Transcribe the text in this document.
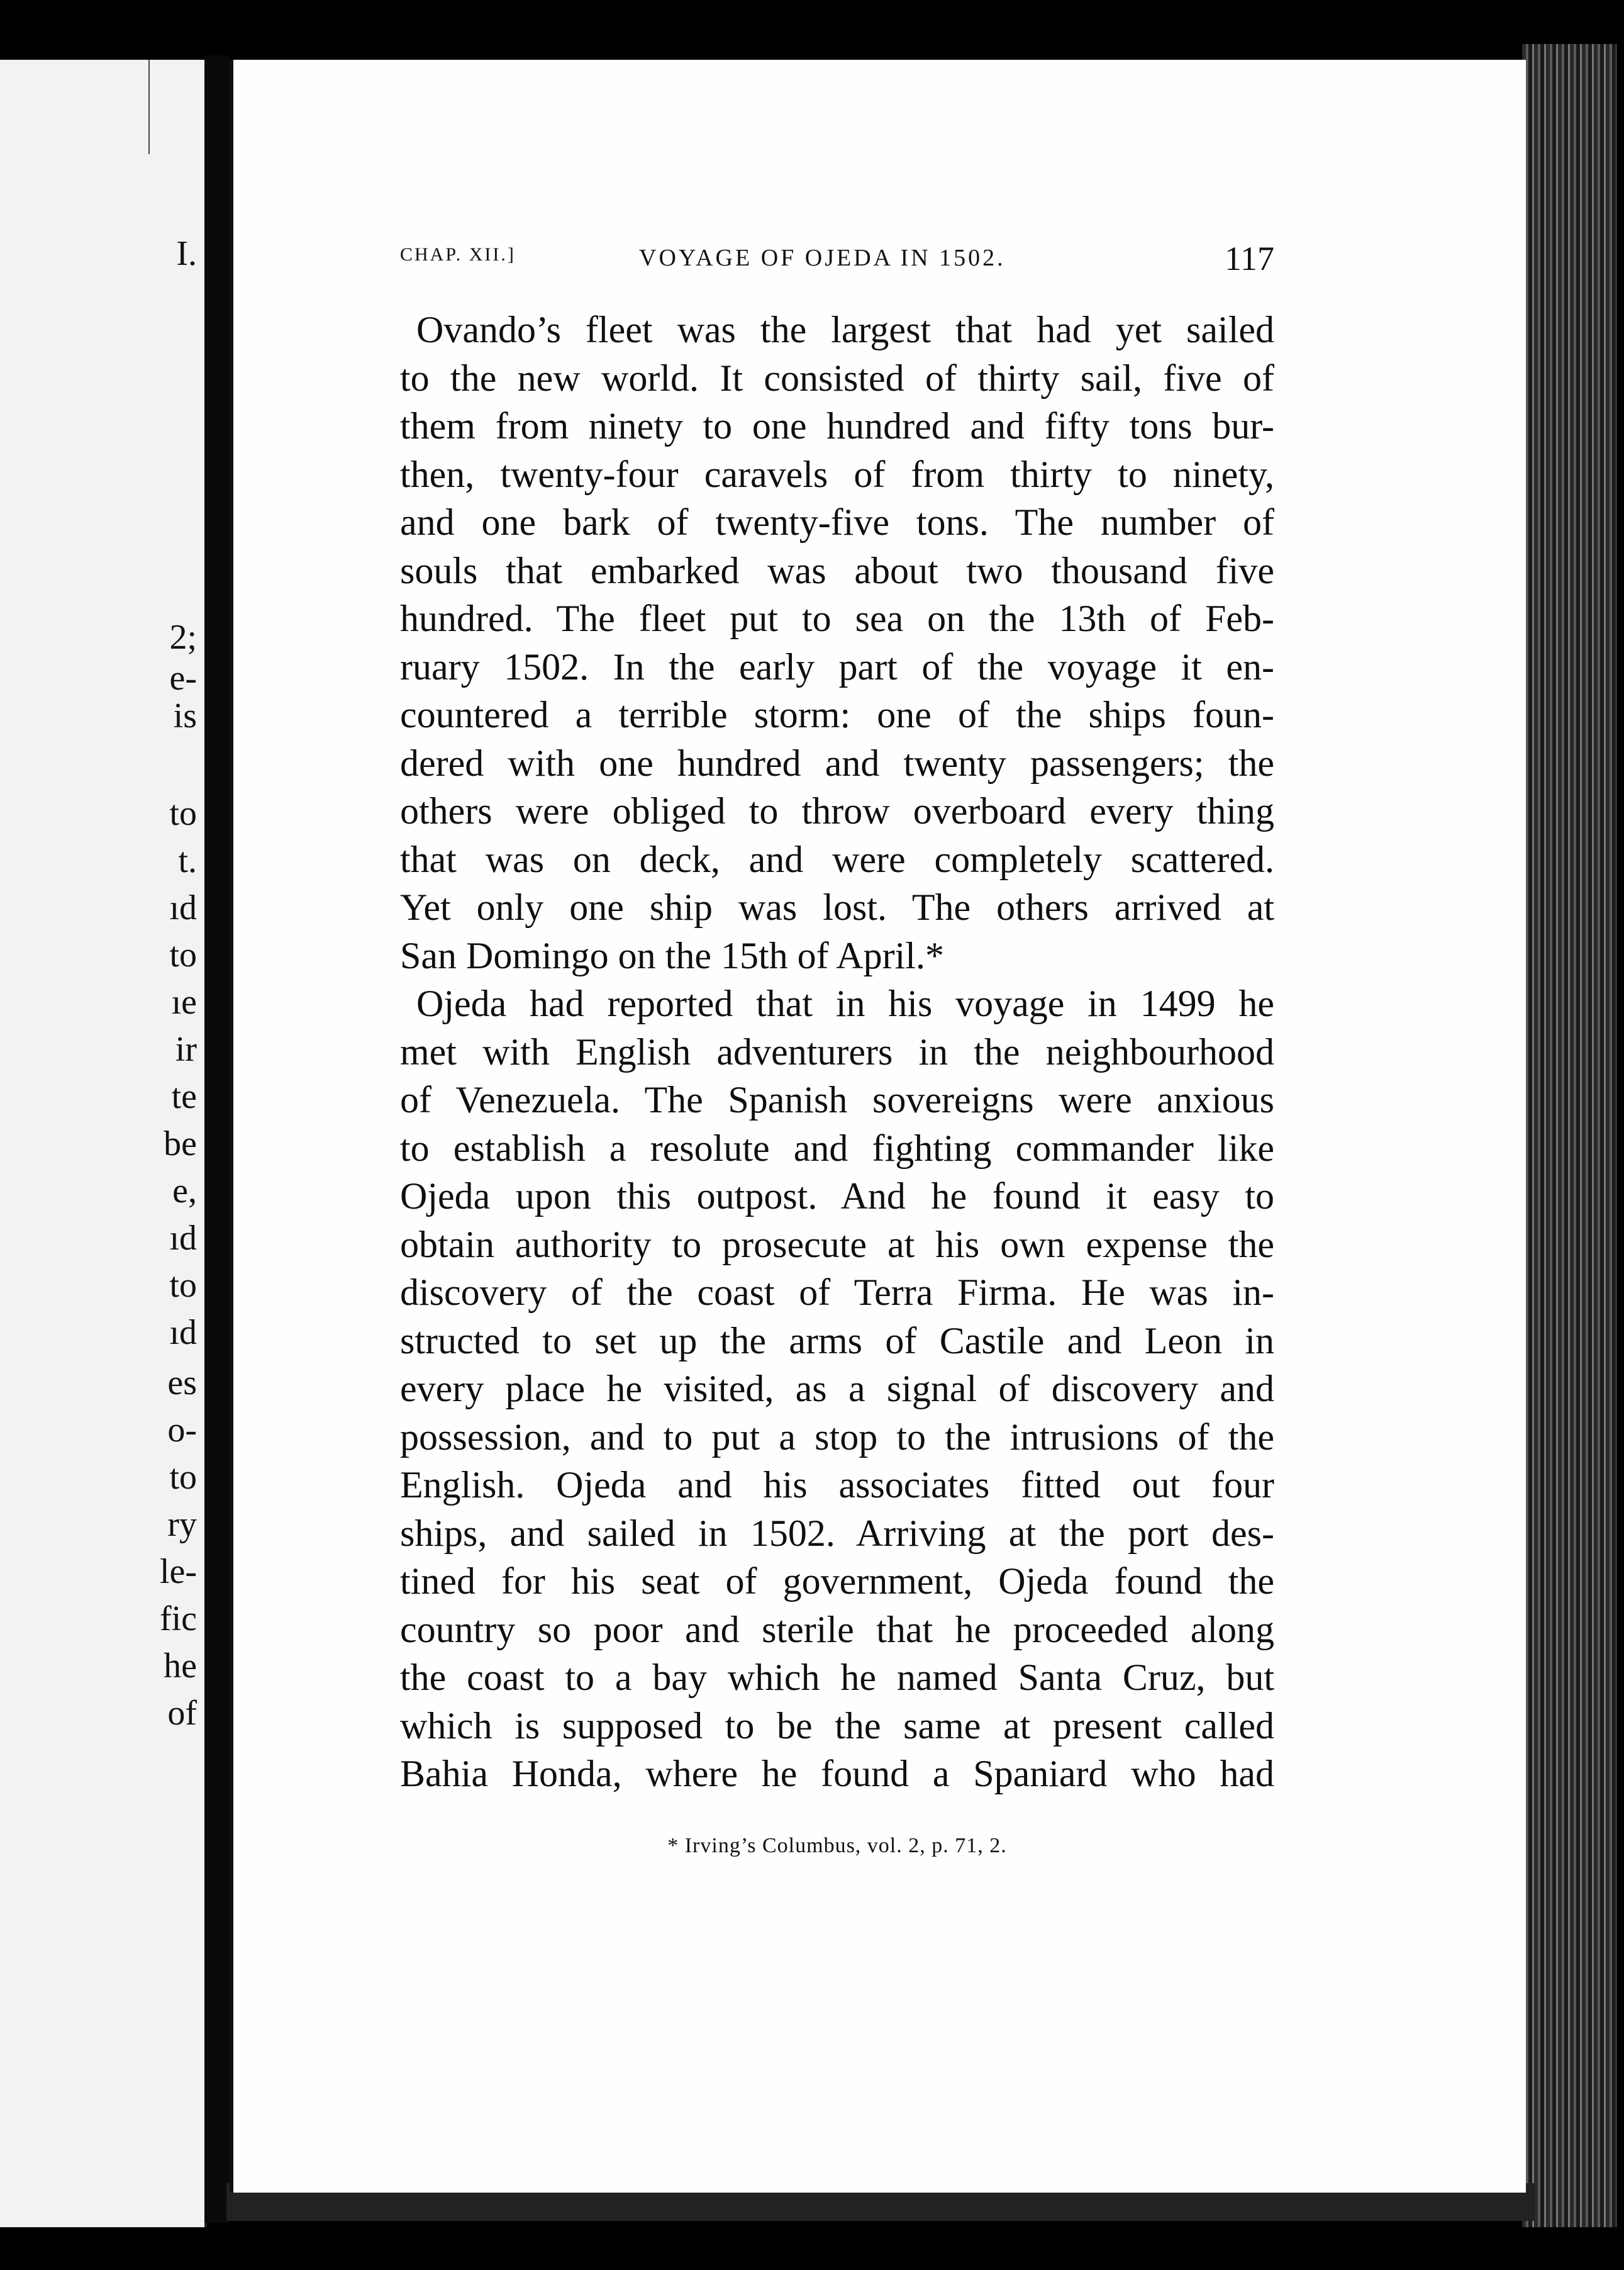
I.
2;
e-
is
to
t.
ıd
to
ıe
ir
te
be
e,
ıd
to
ıd
es
o-
to
ry
le-
fic
he
of
CHAP. XII.]	VOYAGE OF OJEDA IN 1502.	117
Ovando’s fleet was the largest that had yet sailed
to the new world. It consisted of thirty sail, five of
them from ninety to one hundred and fifty tons bur-
then, twenty-four caravels of from thirty to ninety,
and one bark of twenty-five tons. The number of
souls that embarked was about two thousand five
hundred. The fleet put to sea on the 13th of Feb-
ruary 1502. In the early part of the voyage it en-
countered a terrible storm: one of the ships foun-
dered with one hundred and twenty passengers; the
others were obliged to throw overboard every thing
that was on deck, and were completely scattered.
Yet only one ship was lost. The others arrived at
San Domingo on the 15th of April.*
Ojeda had reported that in his voyage in 1499 he
met with English adventurers in the neighbourhood
of Venezuela. The Spanish sovereigns were anxious
to establish a resolute and fighting commander like
Ojeda upon this outpost. And he found it easy to
obtain authority to prosecute at his own expense the
discovery of the coast of Terra Firma. He was in-
structed to set up the arms of Castile and Leon in
every place he visited, as a signal of discovery and
possession, and to put a stop to the intrusions of the
English. Ojeda and his associates fitted out four
ships, and sailed in 1502. Arriving at the port des-
tined for his seat of government, Ojeda found the
country so poor and sterile that he proceeded along
the coast to a bay which he named Santa Cruz, but
which is supposed to be the same at present called
Bahia Honda, where he found a Spaniard who had
* Irving’s Columbus, vol. 2, p. 71, 2.
